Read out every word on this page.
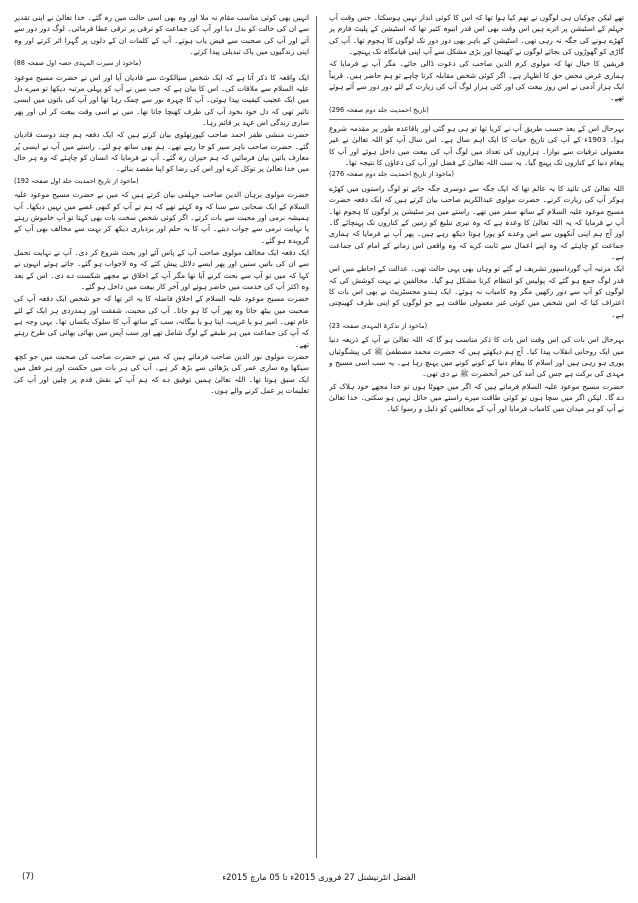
تھے لیکن چوکیاں ہی لوگوں نے تھم کیا ہوا تھا کہ اس کا کوئی انداز نہیں ہوسکتا۔ جس وقت آپ جہلم کے اسٹیشن پر اترے ہیں اس وقت بھی اس قدر انبوہ کثیر تھا کہ اسٹیشن کے پلیٹ فارم پر کھڑے ہونے کی جگہ نہ رہی تھی۔ اسٹیشن کے باہر بھی دور دور تک لوگوں کا ہجوم تھا۔ آپ کی گاڑی کو گھوڑوں کی بجائے لوگوں نے کھینچا اور بڑی مشکل سے آپ اپنی قیامگاہ تک پہنچے۔

فریقین کا خیال تھا کہ مولوی کرم الدین صاحب کی دعوت ڈالی جائے۔ مگر آپ نے فرمایا کہ ہماری غرض محض حق کا اظہار ہے۔ اگر کوئی شخص مقابلہ کرنا چاہے تو ہم حاضر ہیں۔ قریباً ایک ہزار آدمی نے اس روز بیعت کی اور کئی ہزار لوگ آپ کی زیارت کے لئے دور دور سے آئے ہوئے تھے۔

(تاریخ احمدیت جلد دوم صفحہ 296)

بہرحال اس کے بعد حسب طریق آپ نے کریا تھا تو ہی ہو گئی اور باقاعدہ طور پر مقدمہ شروع ہوا۔ 1903ء کے آپ کی تاریخ حیات کا ایک اہم سال ہے۔ اس سال آپ کو اللہ تعالیٰ نے غیر معمولی ترقیات سے نوازا۔ ہزاروں کی تعداد میں لوگ آپ کی بیعت میں داخل ہوئے اور آپ کا پیغام دنیا کے کناروں تک پہنچ گیا۔ یہ سب اللہ تعالیٰ کے فضل اور آپ کی دعاؤں کا نتیجہ تھا۔

(ماخوذ از تاریخ احمدیت جلد دوم صفحہ 276)

اللہ تعالیٰ کی تائید کا یہ عالم تھا کہ ایک جگہ سے دوسری جگہ جاتے تو لوگ راستوں میں کھڑے ہوکر آپ کی زیارت کرتے۔ حضرت مولوی عبدالکریم صاحب بیان کرتے ہیں کہ ایک دفعہ حضرت مسیح موعود علیہ السلام کے ساتھ سفر میں تھے۔ راستے میں ہر سٹیشن پر لوگوں کا ہجوم تھا۔ آپ نے فرمایا کہ یہ اللہ تعالیٰ کا وعدہ ہے کہ وہ تیری تبلیغ کو زمین کے کناروں تک پہنچائے گا۔ اور آج ہم اپنی آنکھوں سے اس وعدے کو پورا ہوتا دیکھ رہے ہیں۔ پھر آپ نے فرمایا کہ ہماری جماعت کو چاہئے کہ وہ اپنے اعمال سے ثابت کرے کہ وہ واقعی اس زمانے کے امام کی جماعت ہے۔

ایک مرتبہ آپ گورداسپور تشریف لے گئے تو وہاں بھی یہی حالت تھی۔ عدالت کے احاطے میں اس قدر لوگ جمع ہو گئے کہ پولیس کو انتظام کرنا مشکل ہو گیا۔ مخالفین نے بہت کوشش کی کہ لوگوں کو آپ سے دور رکھیں مگر وہ کامیاب نہ ہوئے۔ ایک ہندو مجسٹریٹ نے بھی اس بات کا اعتراف کیا کہ اس شخص میں کوئی غیر معمولی طاقت ہے جو لوگوں کو اپنی طرف کھینچتی ہے۔

(ماخوذ از تذکرۃ المہدی صفحہ 23)

بہرحال اس بات کی اس وقت اس بات کا ذکر مناسب ہو گا کہ اللہ تعالیٰ نے آپ کے ذریعہ دنیا میں ایک روحانی انقلاب پیدا کیا۔ آج ہم دیکھتے ہیں کہ حضرت محمد مصطفیٰ ﷺ کی پیشگوئیاں پوری ہو رہی ہیں اور اسلام کا پیغام دنیا کے کونے کونے میں پہنچ رہا ہے۔ یہ سب اسی مسیح و مہدی کی برکت ہے جس کی آمد کی خبر آنحضرت ﷺ نے دی تھی۔

حضرت مسیح موعود علیہ السلام فرماتے ہیں کہ اگر میں جھوٹا ہوں تو خدا مجھے خود ہلاک کر دے گا۔ لیکن اگر میں سچا ہوں تو کوئی طاقت میرے راستے میں حائل نہیں ہو سکتی۔ خدا تعالیٰ نے آپ کو ہر میدان میں کامیاب فرمایا اور آپ کے مخالفین کو ذلیل و رسوا کیا۔

انہیں بھی کوئی مناسب مقام نہ ملا اور وہ بھی اسی حالت میں رہ گئے۔ خدا تعالیٰ نے اپنی تقدیر سے ان کی حالت کو بدل دیا اور آپ کی جماعت کو ترقی پر ترقی عطا فرمائی۔ لوگ دور دور سے آتے اور آپ کی صحبت سے فیض یاب ہوتے۔ آپ کے کلمات ان کے دلوں پر گہرا اثر کرتے اور وہ اپنی زندگیوں میں پاک تبدیلی پیدا کرتے۔

(ماخوذ از سیرت المہدی حصہ اول صفحہ 88)

ایک واقعہ کا ذکر آتا ہے کہ ایک شخص سیالکوٹ سے قادیان آیا اور اس نے حضرت مسیح موعود علیہ السلام سے ملاقات کی۔ اس کا بیان ہے کہ جب میں نے آپ کو پہلی مرتبہ دیکھا تو میرے دل میں ایک عجیب کیفیت پیدا ہوئی۔ آپ کا چہرہ نور سے چمک رہا تھا اور آپ کی باتوں میں ایسی تاثیر تھی کہ دل خود بخود آپ کی طرف کھنچا جاتا تھا۔ میں نے اسی وقت بیعت کر لی اور پھر ساری زندگی اس عہد پر قائم رہا۔

حضرت منشی ظفر احمد صاحب کپورتھلوی بیان کرتے ہیں کہ ایک دفعہ ہم چند دوست قادیان گئے۔ حضرت صاحب باہر سیر کو جا رہے تھے۔ ہم بھی ساتھ ہو لئے۔ راستے میں آپ نے ایسی پُر معارف باتیں بیان فرمائیں کہ ہم حیران رہ گئے۔ آپ نے فرمایا کہ انسان کو چاہئے کہ وہ ہر حال میں خدا تعالیٰ پر توکل کرے اور اس کی رضا کو اپنا مقصد بنائے۔

(ماخوذ از تاریخ احمدیت جلد اول صفحہ 192)

حضرت مولوی برہان الدین صاحب جہلمی بیان کرتے ہیں کہ میں نے حضرت مسیح موعود علیہ السلام کے ایک صحابی سے سنا کہ وہ کہتے تھے کہ ہم نے آپ کو کبھی غصے میں نہیں دیکھا۔ آپ ہمیشہ نرمی اور محبت سے بات کرتے۔ اگر کوئی شخص سخت بات بھی کہتا تو آپ خاموش رہتے یا نہایت نرمی سے جواب دیتے۔ آپ کا یہ حلم اور بردباری دیکھ کر بہت سے مخالف بھی آپ کے گرویدہ ہو گئے۔

ایک دفعہ ایک مخالف مولوی صاحب آپ کے پاس آئے اور بحث شروع کر دی۔ آپ نے نہایت تحمل سے ان کی باتیں سنیں اور پھر ایسے دلائل پیش کئے کہ وہ لاجواب ہو گئے۔ جاتے ہوئے انہوں نے کہا کہ میں تو آپ سے بحث کرنے آیا تھا مگر آپ کے اخلاق نے مجھے شکست دے دی۔ اس کے بعد وہ اکثر آپ کی خدمت میں حاضر ہوتے اور آخر کار بیعت میں داخل ہو گئے۔

حضرت مسیح موعود علیہ السلام کے اخلاق فاضلہ کا یہ اثر تھا کہ جو شخص ایک دفعہ آپ کی صحبت میں بیٹھ جاتا وہ پھر آپ کا ہو جاتا۔ آپ کی محبت، شفقت اور ہمدردی ہر ایک کے لئے عام تھی۔ امیر ہو یا غریب، اپنا ہو یا بیگانہ، سب کے ساتھ آپ کا سلوک یکساں تھا۔ یہی وجہ ہے کہ آپ کی جماعت میں ہر طبقے کے لوگ شامل تھے اور سب آپس میں بھائی بھائی کی طرح رہتے تھے۔

حضرت مولوی نور الدین صاحب فرماتے ہیں کہ میں نے حضرت صاحب کی صحبت میں جو کچھ سیکھا وہ ساری عمر کی پڑھائی سے بڑھ کر ہے۔ آپ کی ہر بات میں حکمت اور ہر فعل میں ایک سبق ہوتا تھا۔ اللہ تعالیٰ ہمیں توفیق دے کہ ہم آپ کے نقش قدم پر چلیں اور آپ کی تعلیمات پر عمل کرنے والے ہوں۔

الفضل انٹرنیشنل 27 فروری 2015ء تا 05 مارچ 2015ء
(7)
